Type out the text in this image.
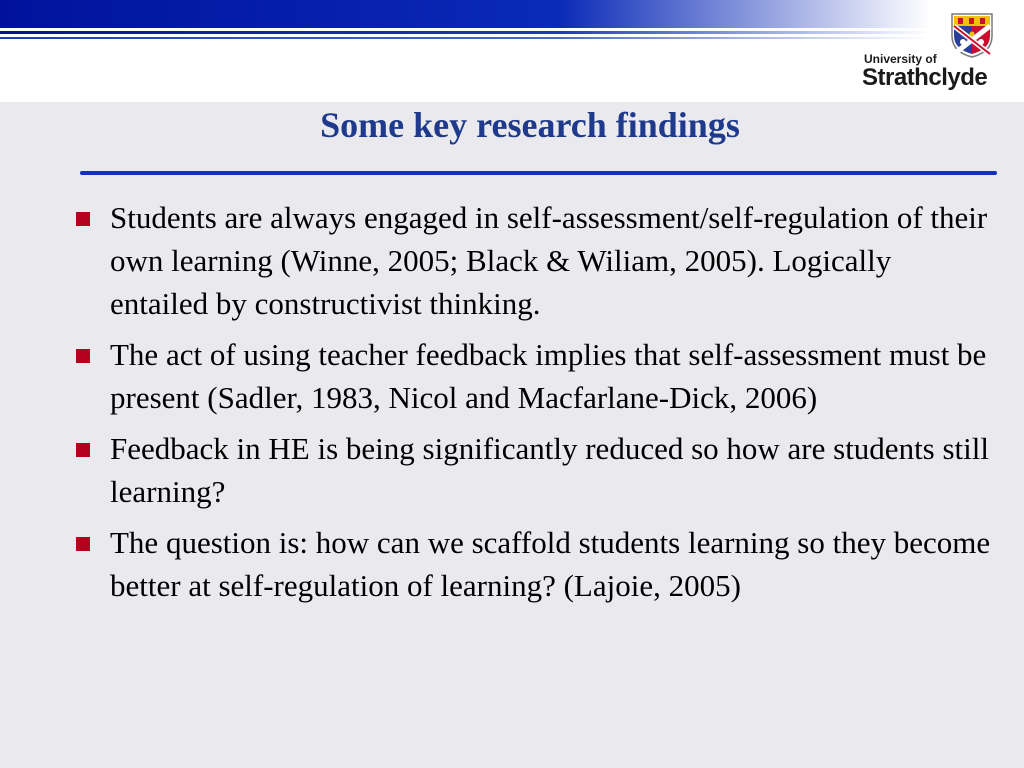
University of
Strathclyde
Some key research findings
Students are always engaged in self-assessment/self-regulation of their own learning (Winne, 2005; Black & Wiliam, 2005). Logically entailed by constructivist thinking.
The act of using teacher feedback implies that self-assessment must be present (Sadler, 1983, Nicol and Macfarlane-Dick, 2006)
Feedback in HE is being significantly reduced so how are students still learning?
The question is: how can we scaffold students learning so they become better at self-regulation of learning? (Lajoie, 2005)
